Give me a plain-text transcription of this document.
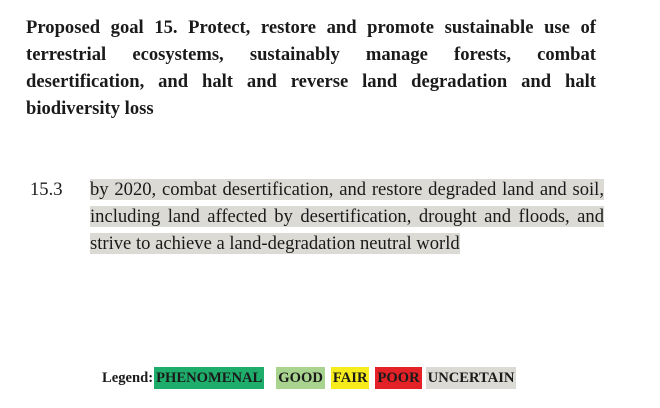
Proposed goal 15. Protect, restore and promote sustainable use of terrestrial ecosystems, sustainably manage forests, combat desertification, and halt and reverse land degradation and halt biodiversity loss

15.3 by 2020, combat desertification, and restore degraded land and soil, including land affected by desertification, drought and floods, and strive to achieve a land-degradation neutral world

Legend: PHENOMENAL GOOD FAIR POOR UNCERTAIN
